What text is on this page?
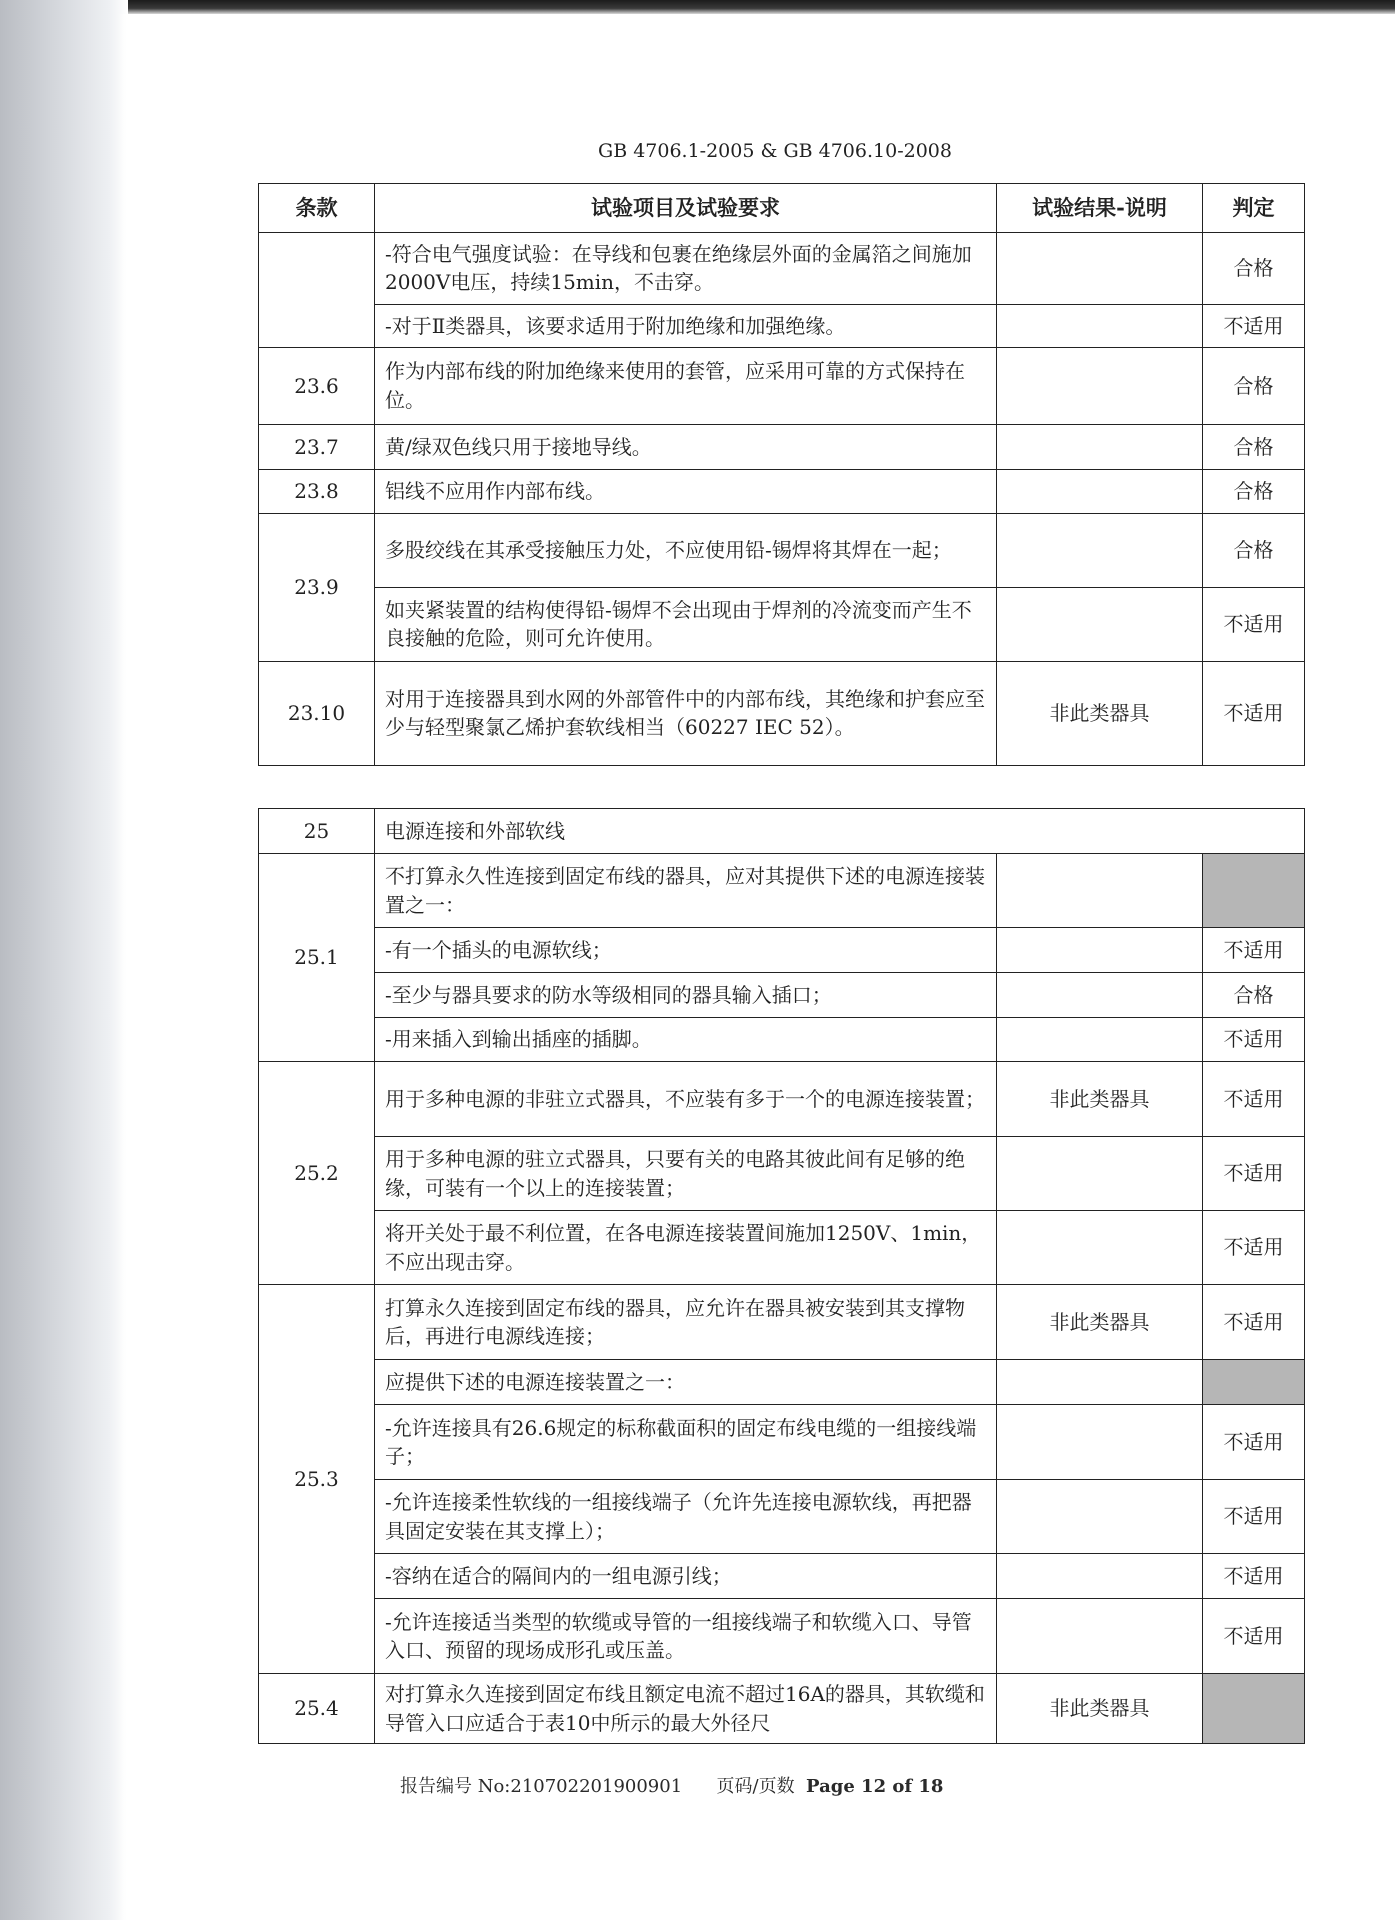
GB 4706.1-2005 & GB 4706.10-2008
条款	试验项目及试验要求	试验结果-说明	判定
	-符合电气强度试验：在导线和包裹在绝缘层外面的金属箔之间施加2000V电压，持续15min，不击穿。		合格
	-对于Ⅱ类器具，该要求适用于附加绝缘和加强绝缘。		不适用
23.6	作为内部布线的附加绝缘来使用的套管，应采用可靠的方式保持在位。		合格
23.7	黄/绿双色线只用于接地导线。		合格
23.8	铝线不应用作内部布线。		合格
23.9	多股绞线在其承受接触压力处，不应使用铅-锡焊将其焊在一起；		合格
	如夹紧装置的结构使得铅-锡焊不会出现由于焊剂的冷流变而产生不良接触的危险，则可允许使用。		不适用
23.10	对用于连接器具到水网的外部管件中的内部布线，其绝缘和护套应至少与轻型聚氯乙烯护套软线相当（60227 IEC 52）。	非此类器具	不适用
25	电源连接和外部软线		
25.1	不打算永久性连接到固定布线的器具，应对其提供下述的电源连接装置之一：		
	-有一个插头的电源软线；		不适用
	-至少与器具要求的防水等级相同的器具输入插口；		合格
	-用来插入到输出插座的插脚。		不适用
25.2	用于多种电源的非驻立式器具，不应装有多于一个的电源连接装置；	非此类器具	不适用
	用于多种电源的驻立式器具，只要有关的电路其彼此间有足够的绝缘，可装有一个以上的连接装置；		不适用
	将开关处于最不利位置，在各电源连接装置间施加1250V、1min，不应出现击穿。		不适用
25.3	打算永久连接到固定布线的器具，应允许在器具被安装到其支撑物后，再进行电源线连接；	非此类器具	不适用
	应提供下述的电源连接装置之一：		
	-允许连接具有26.6规定的标称截面积的固定布线电缆的一组接线端子；		不适用
	-允许连接柔性软线的一组接线端子（允许先连接电源软线，再把器具固定安装在其支撑上）；		不适用
	-容纳在适合的隔间内的一组电源引线；		不适用
	-允许连接适当类型的软缆或导管的一组接线端子和软缆入口、导管入口、预留的现场成形孔或压盖。		不适用
25.4	对打算永久连接到固定布线且额定电流不超过16A的器具，其软缆和导管入口应适合于表10中所示的最大外径尺	非此类器具	
报告编号 No:210702201900901 页码/页数 Page 12 of 18
